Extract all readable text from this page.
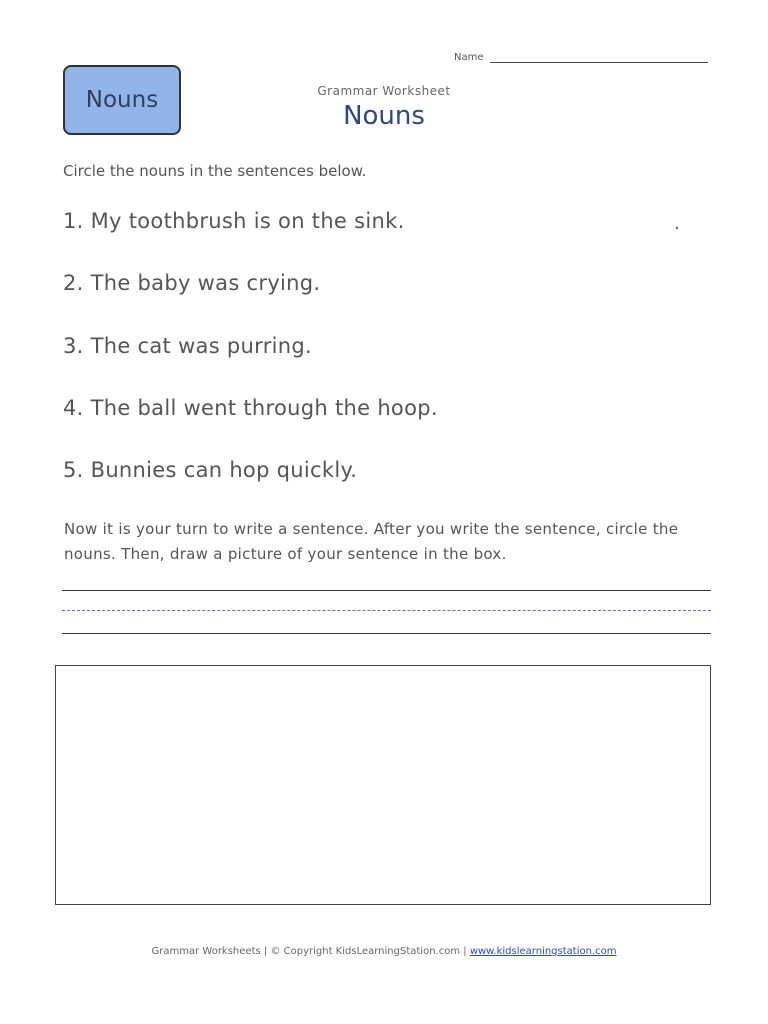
Name
Nouns	Grammar Worksheet
Nouns
Circle the nouns in the sentences below.
1. My toothbrush is on the sink.	.
2. The baby was crying.
3. The cat was purring.
4. The ball went through the hoop.
5. Bunnies can hop quickly.
Now it is your turn to write a sentence. After you write the sentence, circle the nouns. Then, draw a picture of your sentence in the box.
Grammar Worksheets | © Copyright KidsLearningStation.com | www.kidslearningstation.com
